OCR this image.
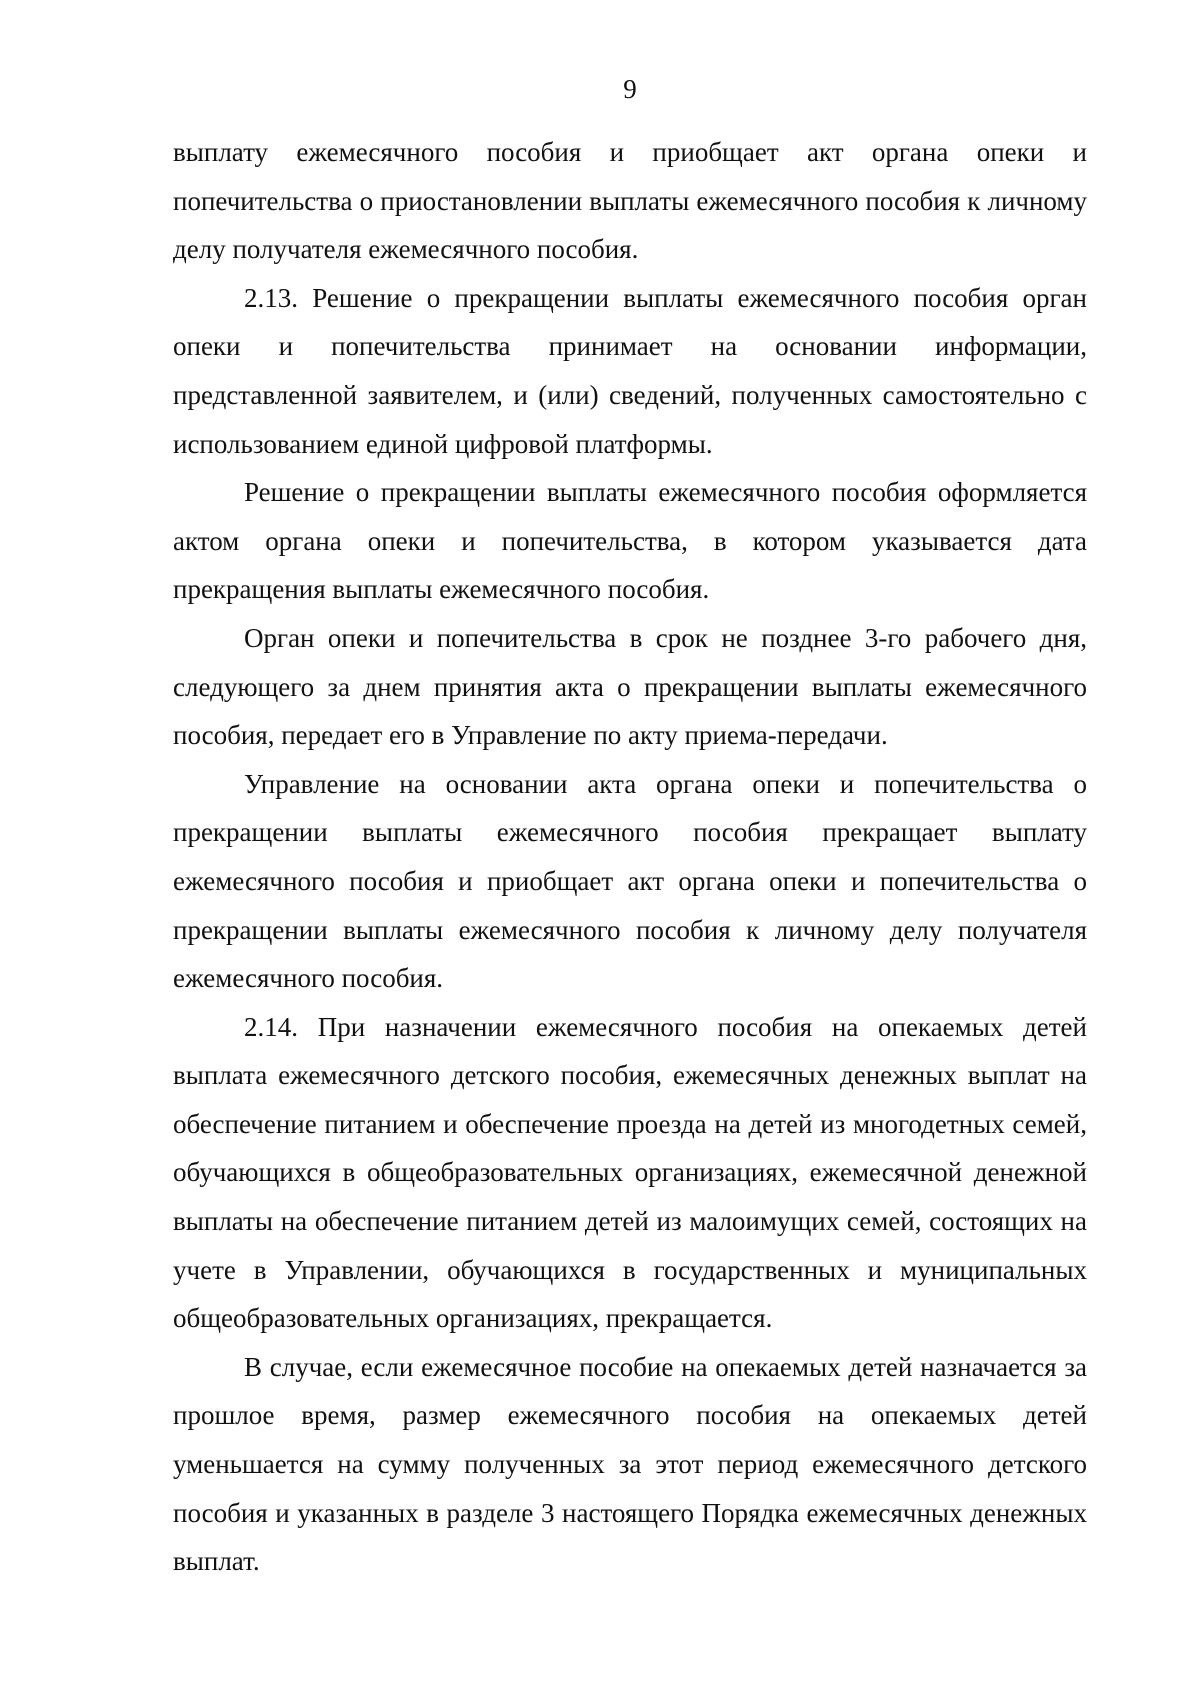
9

выплату ежемесячного пособия и приобщает акт органа опеки и попечительства о приостановлении выплаты ежемесячного пособия к личному делу получателя ежемесячного пособия.

2.13. Решение о прекращении выплаты ежемесячного пособия орган опеки и попечительства принимает на основании информации, представленной заявителем, и (или) сведений, полученных самостоятельно с использованием единой цифровой платформы.

Решение о прекращении выплаты ежемесячного пособия оформляется актом органа опеки и попечительства, в котором указывается дата прекращения выплаты ежемесячного пособия.

Орган опеки и попечительства в срок не позднее 3-го рабочего дня, следующего за днем принятия акта о прекращении выплаты ежемесячного пособия, передает его в Управление по акту приема-передачи.

Управление на основании акта органа опеки и попечительства о прекращении выплаты ежемесячного пособия прекращает выплату ежемесячного пособия и приобщает акт органа опеки и попечительства о прекращении выплаты ежемесячного пособия к личному делу получателя ежемесячного пособия.

2.14. При назначении ежемесячного пособия на опекаемых детей выплата ежемесячного детского пособия, ежемесячных денежных выплат на обеспечение питанием и обеспечение проезда на детей из многодетных семей, обучающихся в общеобразовательных организациях, ежемесячной денежной выплаты на обеспечение питанием детей из малоимущих семей, состоящих на учете в Управлении, обучающихся в государственных и муниципальных общеобразовательных организациях, прекращается.

В случае, если ежемесячное пособие на опекаемых детей назначается за прошлое время, размер ежемесячного пособия на опекаемых детей уменьшается на сумму полученных за этот период ежемесячного детского пособия и указанных в разделе 3 настоящего Порядка ежемесячных денежных выплат.
